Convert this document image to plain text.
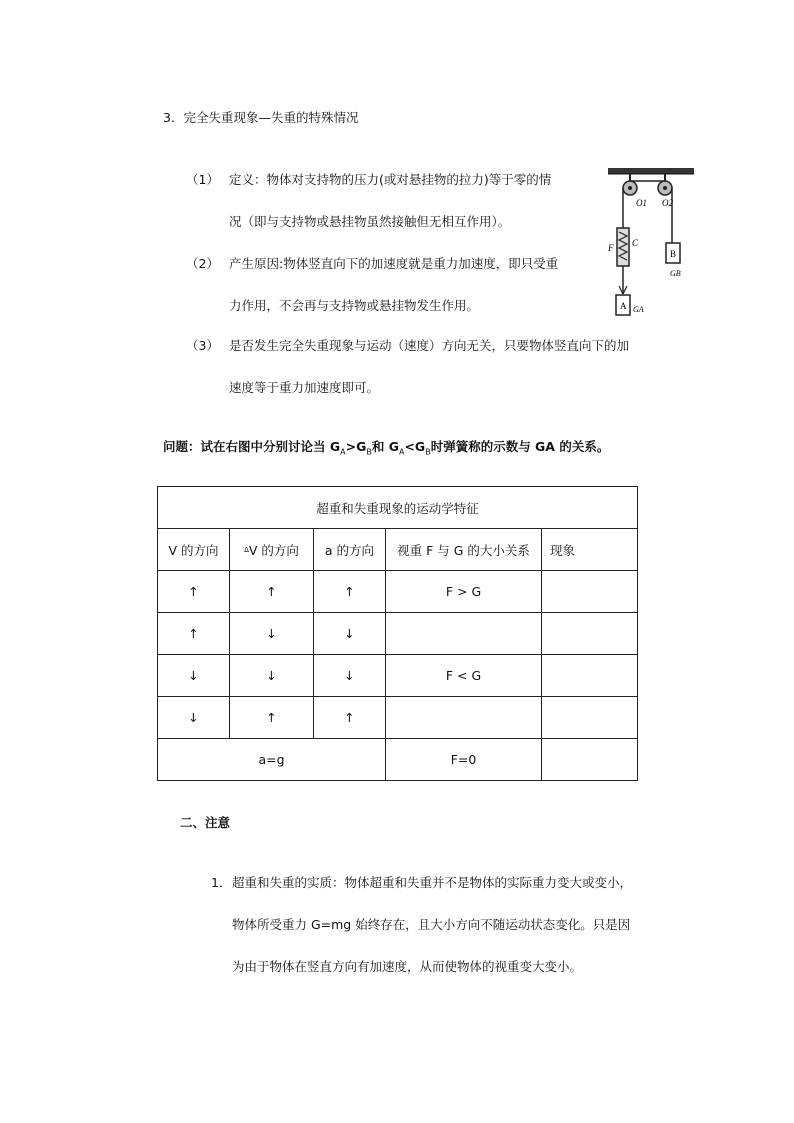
3．完全失重现象—失重的特殊情况
（1） 定义：物体对支持物的压力(或对悬挂物的拉力)等于零的情
况（即与支持物或悬挂物虽然接触但无相互作用）。
（2） 产生原因:物体竖直向下的加速度就是重力加速度，即只受重
力作用，不会再与支持物或悬挂物发生作用。
（3） 是否发生完全失重现象与运动（速度）方向无关，只要物体竖直向下的加
速度等于重力加速度即可。
O1 O2
F C
B
GB
A GA
问题：试在右图中分别讨论当 $G_A>G_B$和 $G_A<G_B$时弹簧称的示数与 GA 的关系。
超重和失重现象的运动学特征				
V 的方向	$^\Delta$V 的方向	a 的方向	视重 F 与 G 的大小关系	现象
↑	↑	↑	F > G	
↑	↓	↓		
↓	↓	↓	F < G	
↓	↑	↑		
a=g			F=0	
二、注意
1． 超重和失重的实质：物体超重和失重并不是物体的实际重力变大或变小，
物体所受重力 G=mg 始终存在，且大小方向不随运动状态变化。只是因
为由于物体在竖直方向有加速度，从而使物体的视重变大变小。
